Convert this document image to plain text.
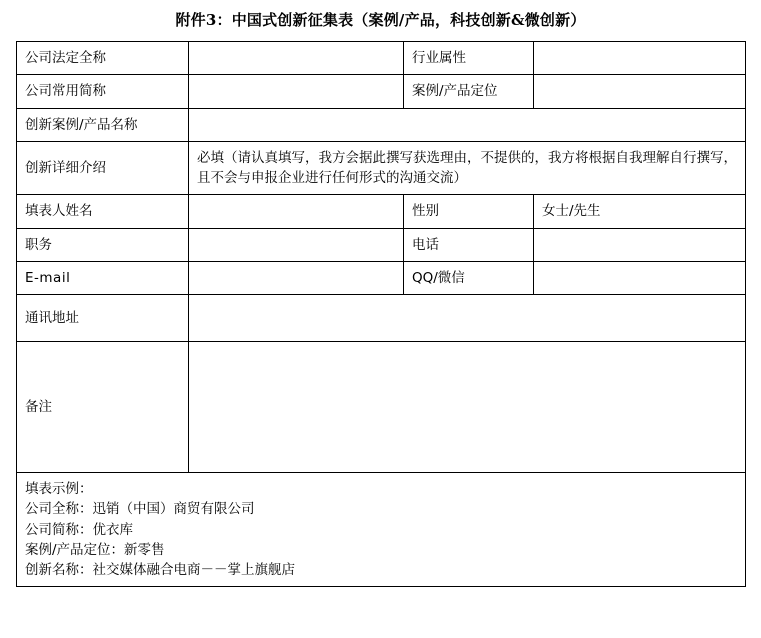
附件3：中国式创新征集表（案例/产品，科技创新&微创新）
公司法定全称		行业属性	
公司常用简称		案例/产品定位	
创新案例/产品名称			
创新详细介绍	必填（请认真填写，我方会据此撰写获选理由，不提供的，我方将根据自我理解自行撰写，且不会与申报企业进行任何形式的沟通交流）		
填表人姓名		性别	女士/先生
职务		电话	
E-mail		QQ/微信	
通讯地址			
备注			

填表示例：
公司全称：迅销（中国）商贸有限公司
公司简称：优衣库
案例/产品定位：新零售
创新名称：社交媒体融合电商－－掌上旗舰店			
